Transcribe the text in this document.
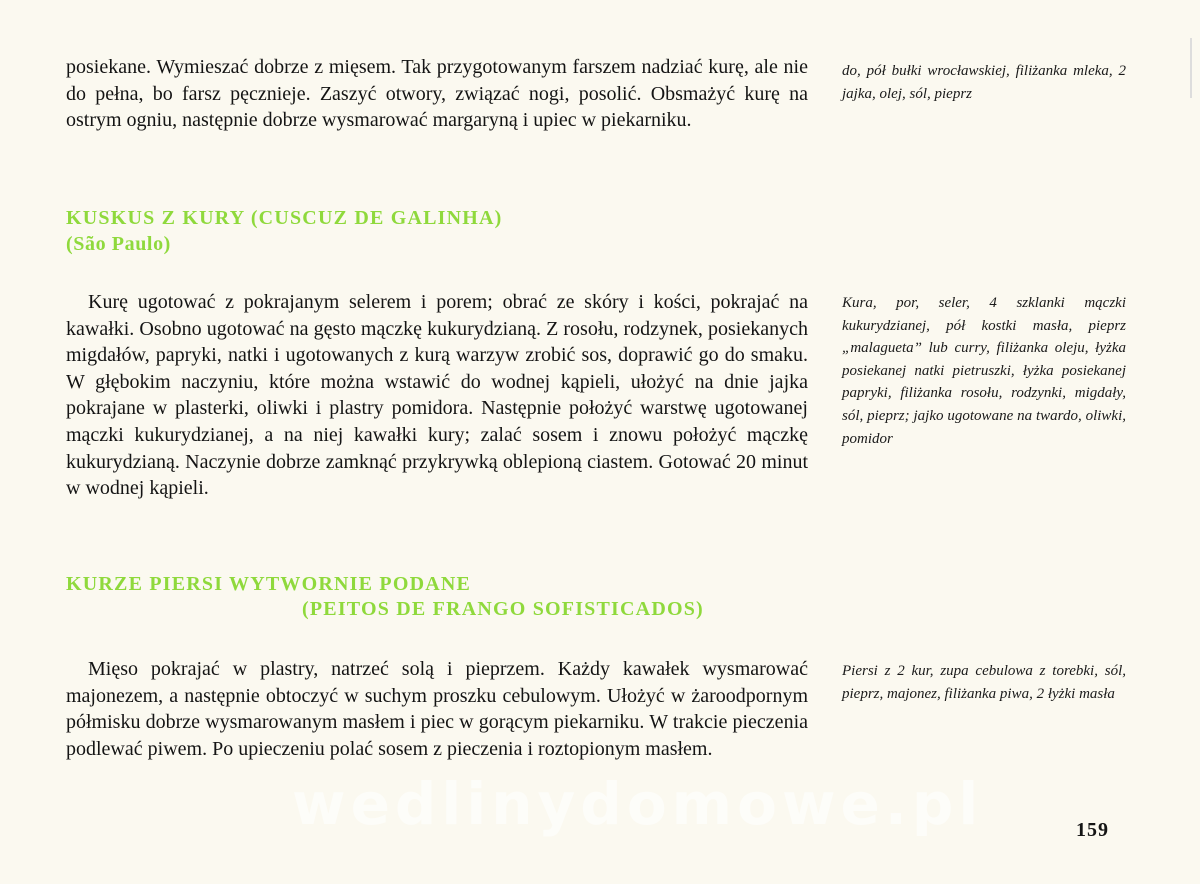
posiekane. Wymieszać dobrze z mięsem. Tak przygotowanym farszem nadziać kurę, ale nie do pełna, bo farsz pęcznieje. Zaszyć otwory, związać nogi, posolić. Obsmażyć kurę na ostrym ogniu, następnie dobrze wysmarować margaryną i upiec w piekarniku.

do, pół bułki wrocławskiej, filiżanka mleka, 2 jajka, olej, sól, pieprz

KUSKUS Z KURY (CUSCUZ DE GALINHA)
(São Paulo)

Kurę ugotować z pokrajanym selerem i porem; obrać ze skóry i kości, pokrajać na kawałki. Osobno ugotować na gęsto mączkę kukurydzianą. Z rosołu, rodzynek, posiekanych migdałów, papryki, natki i ugotowanych z kurą warzyw zrobić sos, doprawić go do smaku. W głębokim naczyniu, które można wstawić do wodnej kąpieli, ułożyć na dnie jajka pokrajane w plasterki, oliwki i plastry pomidora. Następnie położyć warstwę ugotowanej mączki kukurydzianej, a na niej kawałki kury; zalać sosem i znowu położyć mączkę kukurydzianą. Naczynie dobrze zamknąć przykrywką oblepioną ciastem. Gotować 20 minut w wodnej kąpieli.

Kura, por, seler, 4 szklanki mączki kukurydzianej, pół kostki masła, pieprz „malagueta” lub curry, filiżanka oleju, łyżka posiekanej natki pietruszki, łyżka posiekanej papryki, filiżanka rosołu, rodzynki, migdały, sól, pieprz; jajko ugotowane na twardo, oliwki, pomidor

KURZE PIERSI WYTWORNIE PODANE
(PEITOS DE FRANGO SOFISTICADOS)

Mięso pokrajać w plastry, natrzeć solą i pieprzem. Każdy kawałek wysmarować majonezem, a następnie obtoczyć w suchym proszku cebulowym. Ułożyć w żaroodpornym półmisku dobrze wysmarowanym masłem i piec w gorącym piekarniku. W trakcie pieczenia podlewać piwem. Po upieczeniu polać sosem z pieczenia i roztopionym masłem.

Piersi z 2 kur, zupa cebulowa z torebki, sól, pieprz, majonez, filiżanka piwa, 2 łyżki masła

wedlinydomowe.pl	159
